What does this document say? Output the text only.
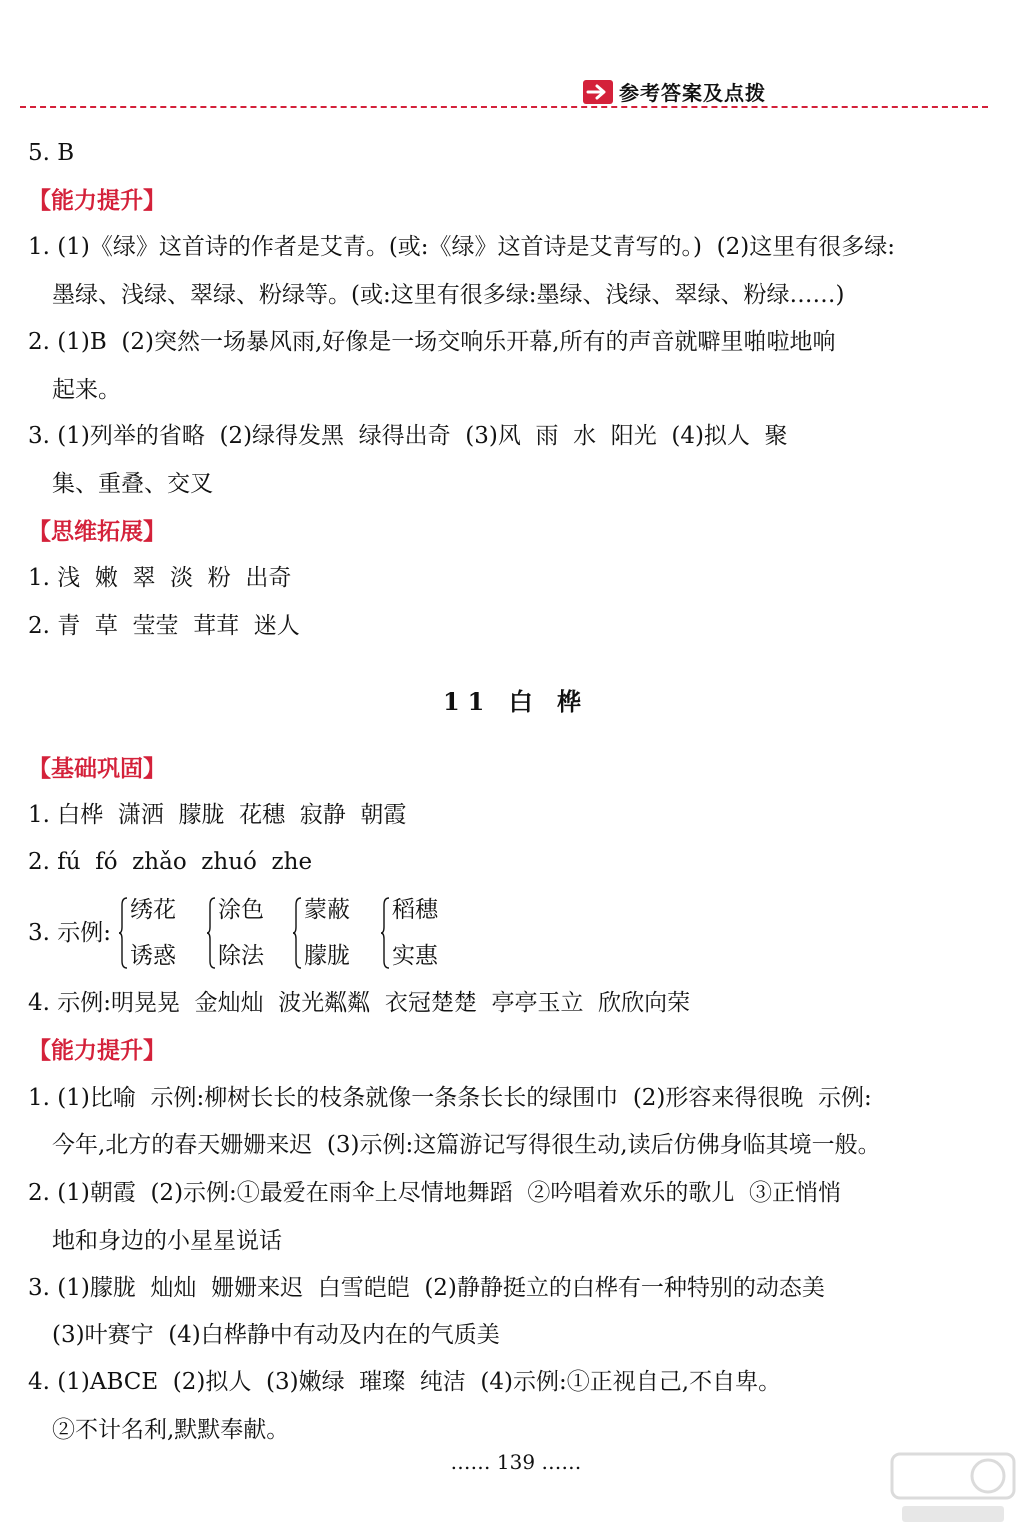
参考答案及点拨
5. B
【能力提升】
1. (1)《绿》这首诗的作者是艾青。(或:《绿》这首诗是艾青写的。)  (2)这里有很多绿:
墨绿、浅绿、翠绿、粉绿等。(或:这里有很多绿:墨绿、浅绿、翠绿、粉绿……)
2. (1)B  (2)突然一场暴风雨,好像是一场交响乐开幕,所有的声音就噼里啪啦地响
起来。
3. (1)列举的省略  (2)绿得发黑  绿得出奇  (3)风  雨  水  阳光  (4)拟人  聚
集、重叠、交叉
【思维拓展】
1. 浅  嫩  翠  淡  粉  出奇
2. 青  草  莹莹  茸茸  迷人
11 白 桦
【基础巩固】
1. 白桦  潇洒  朦胧  花穗  寂静  朝霞
2. fú  fó  zhǎo  zhuó  zhe
3. 示例:
绣花
诱惑
涂色
除法
蒙蔽
朦胧
稻穗
实惠
4. 示例:明晃晃  金灿灿  波光粼粼  衣冠楚楚  亭亭玉立  欣欣向荣
【能力提升】
1. (1)比喻  示例:柳树长长的枝条就像一条条长长的绿围巾  (2)形容来得很晚  示例:
今年,北方的春天姗姗来迟  (3)示例:这篇游记写得很生动,读后仿佛身临其境一般。
2. (1)朝霞  (2)示例:①最爱在雨伞上尽情地舞蹈  ②吟唱着欢乐的歌儿  ③正悄悄
地和身边的小星星说话
3. (1)朦胧  灿灿  姗姗来迟  白雪皑皑  (2)静静挺立的白桦有一种特别的动态美
(3)叶赛宁  (4)白桦静中有动及内在的气质美
4. (1)ABCE  (2)拟人  (3)嫩绿  璀璨  纯洁  (4)示例:①正视自己,不自卑。
②不计名利,默默奉献。
…… 139 ……
